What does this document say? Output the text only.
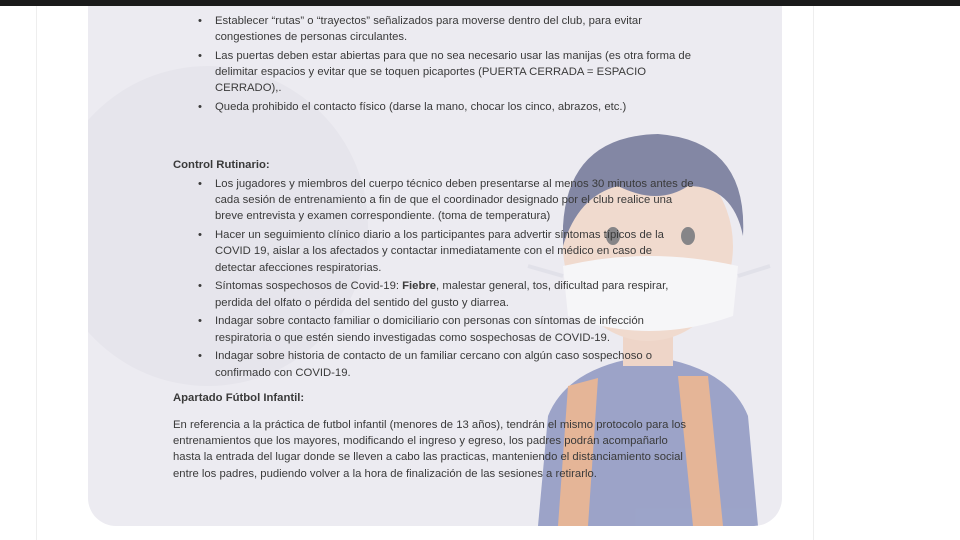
• Establecer “rutas” o “trayectos” señalizados para moverse dentro del club, para evitar congestiones de personas circulantes.
• Las puertas deben estar abiertas para que no sea necesario usar las manijas (es otra forma de delimitar espacios y evitar que se toquen picaportes (PUERTA CERRADA = ESPACIO CERRADO),.
• Queda prohibido el contacto físico (darse la mano, chocar los cinco, abrazos, etc.)
Control Rutinario:
• Los jugadores y miembros del cuerpo técnico deben presentarse al menos 30 minutos antes de cada sesión de entrenamiento a fin de que el coordinador designado por el club realice una breve entrevista y examen correspondiente. (toma de temperatura)
• Hacer un seguimiento clínico diario a los participantes para advertir síntomas típicos de la COVID 19, aislar a los afectados y contactar inmediatamente con el médico en caso de detectar afecciones respiratorias.
• Síntomas sospechosos de Covid-19: Fiebre, malestar general, tos, dificultad para respirar, perdida del olfato o pérdida del sentido del gusto y diarrea.
• Indagar sobre contacto familiar o domiciliario con personas con síntomas de infección respiratoria o que estén siendo investigadas como sospechosas de COVID-19.
• Indagar sobre historia de contacto de un familiar cercano con algún caso sospechoso o confirmado con COVID-19.
Apartado Fútbol Infantil:
En referencia a la práctica de futbol infantil (menores de 13 años), tendrán el mismo protocolo para los entrenamientos que los mayores, modificando el ingreso y egreso, los padres podrán acompañarlo hasta la entrada del lugar donde se lleven a cabo las practicas, manteniendo el distanciamiento social entre los padres, pudiendo volver a la hora de finalización de las sesiones a retirarlo.
